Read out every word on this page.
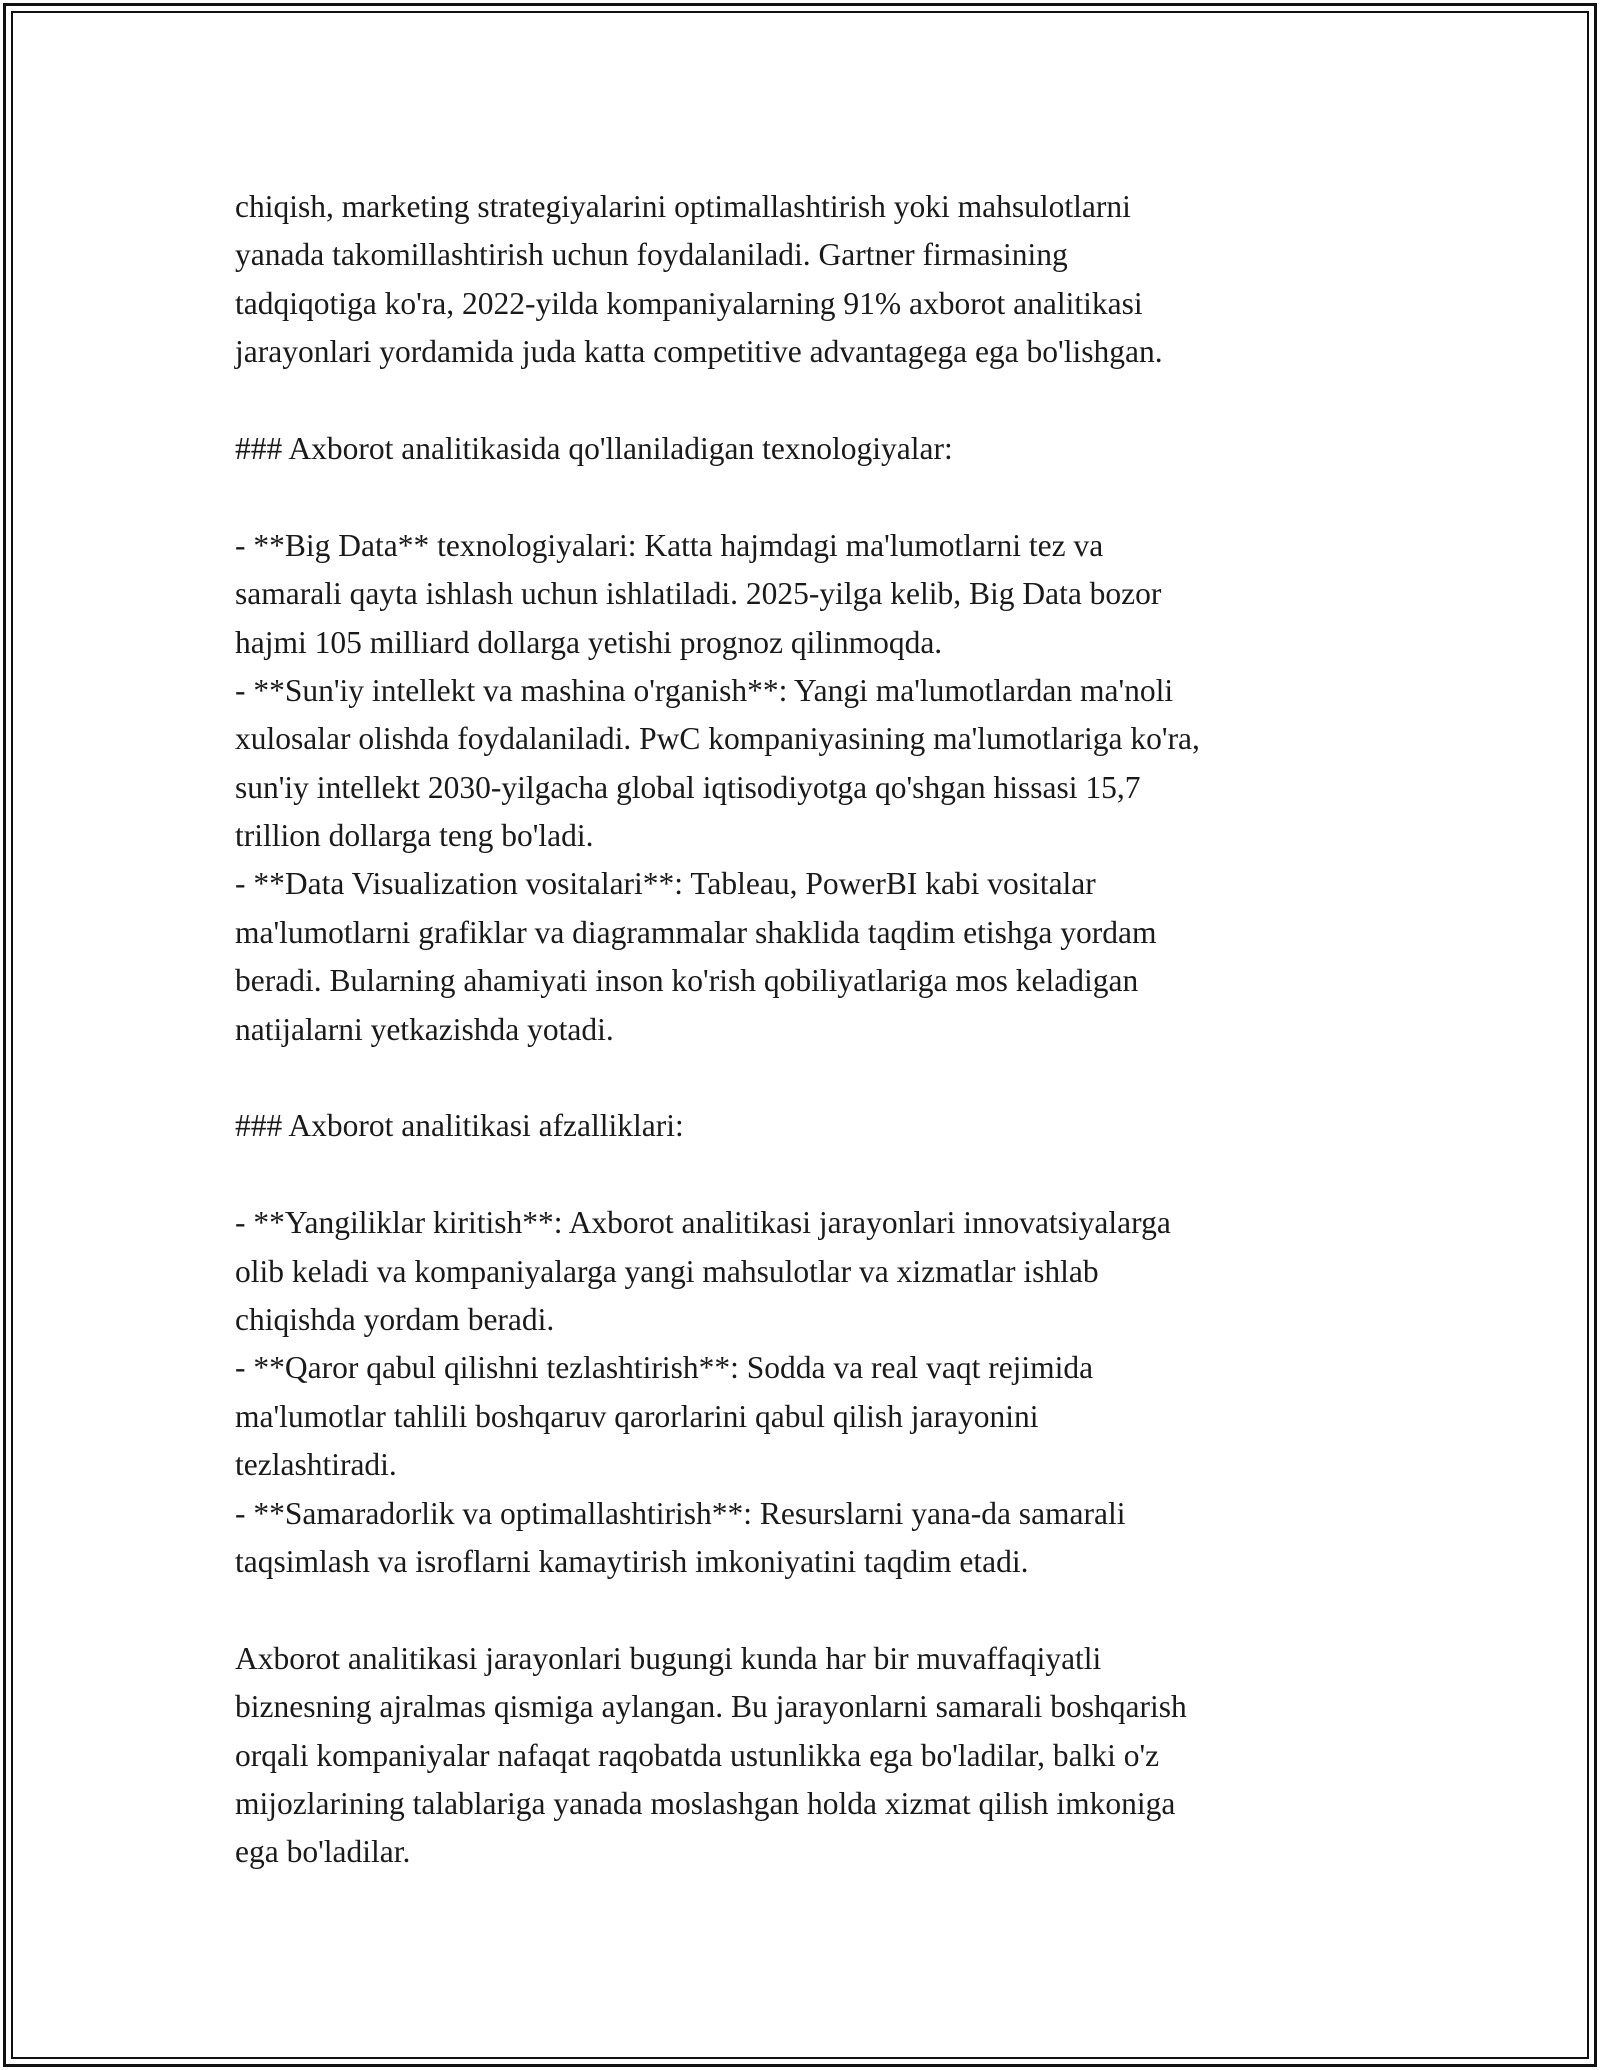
chiqish, marketing strategiyalarini optimallashtirish yoki mahsulotlarni
yanada takomillashtirish uchun foydalaniladi. Gartner firmasining
tadqiqotiga ko'ra, 2022-yilda kompaniyalarning 91% axborot analitikasi
jarayonlari yordamida juda katta competitive advantagega ega bo'lishgan.
### Axborot analitikasida qo'llaniladigan texnologiyalar:
- **Big Data** texnologiyalari: Katta hajmdagi ma'lumotlarni tez va
samarali qayta ishlash uchun ishlatiladi. 2025-yilga kelib, Big Data bozor
hajmi 105 milliard dollarga yetishi prognoz qilinmoqda.
- **Sun'iy intellekt va mashina o'rganish**: Yangi ma'lumotlardan ma'noli
xulosalar olishda foydalaniladi. PwC kompaniyasining ma'lumotlariga ko'ra,
sun'iy intellekt 2030-yilgacha global iqtisodiyotga qo'shgan hissasi 15,7
trillion dollarga teng bo'ladi.
- **Data Visualization vositalari**: Tableau, PowerBI kabi vositalar
ma'lumotlarni grafiklar va diagrammalar shaklida taqdim etishga yordam
beradi. Bularning ahamiyati inson ko'rish qobiliyatlariga mos keladigan
natijalarni yetkazishda yotadi.
### Axborot analitikasi afzalliklari:
- **Yangiliklar kiritish**: Axborot analitikasi jarayonlari innovatsiyalarga
olib keladi va kompaniyalarga yangi mahsulotlar va xizmatlar ishlab
chiqishda yordam beradi.
- **Qaror qabul qilishni tezlashtirish**: Sodda va real vaqt rejimida
ma'lumotlar tahlili boshqaruv qarorlarini qabul qilish jarayonini
tezlashtiradi.
- **Samaradorlik va optimallashtirish**: Resurslarni yana-da samarali
taqsimlash va isroflarni kamaytirish imkoniyatini taqdim etadi.
Axborot analitikasi jarayonlari bugungi kunda har bir muvaffaqiyatli
biznesning ajralmas qismiga aylangan. Bu jarayonlarni samarali boshqarish
orqali kompaniyalar nafaqat raqobatda ustunlikka ega bo'ladilar, balki o'z
mijozlarining talablariga yanada moslashgan holda xizmat qilish imkoniga
ega bo'ladilar.
